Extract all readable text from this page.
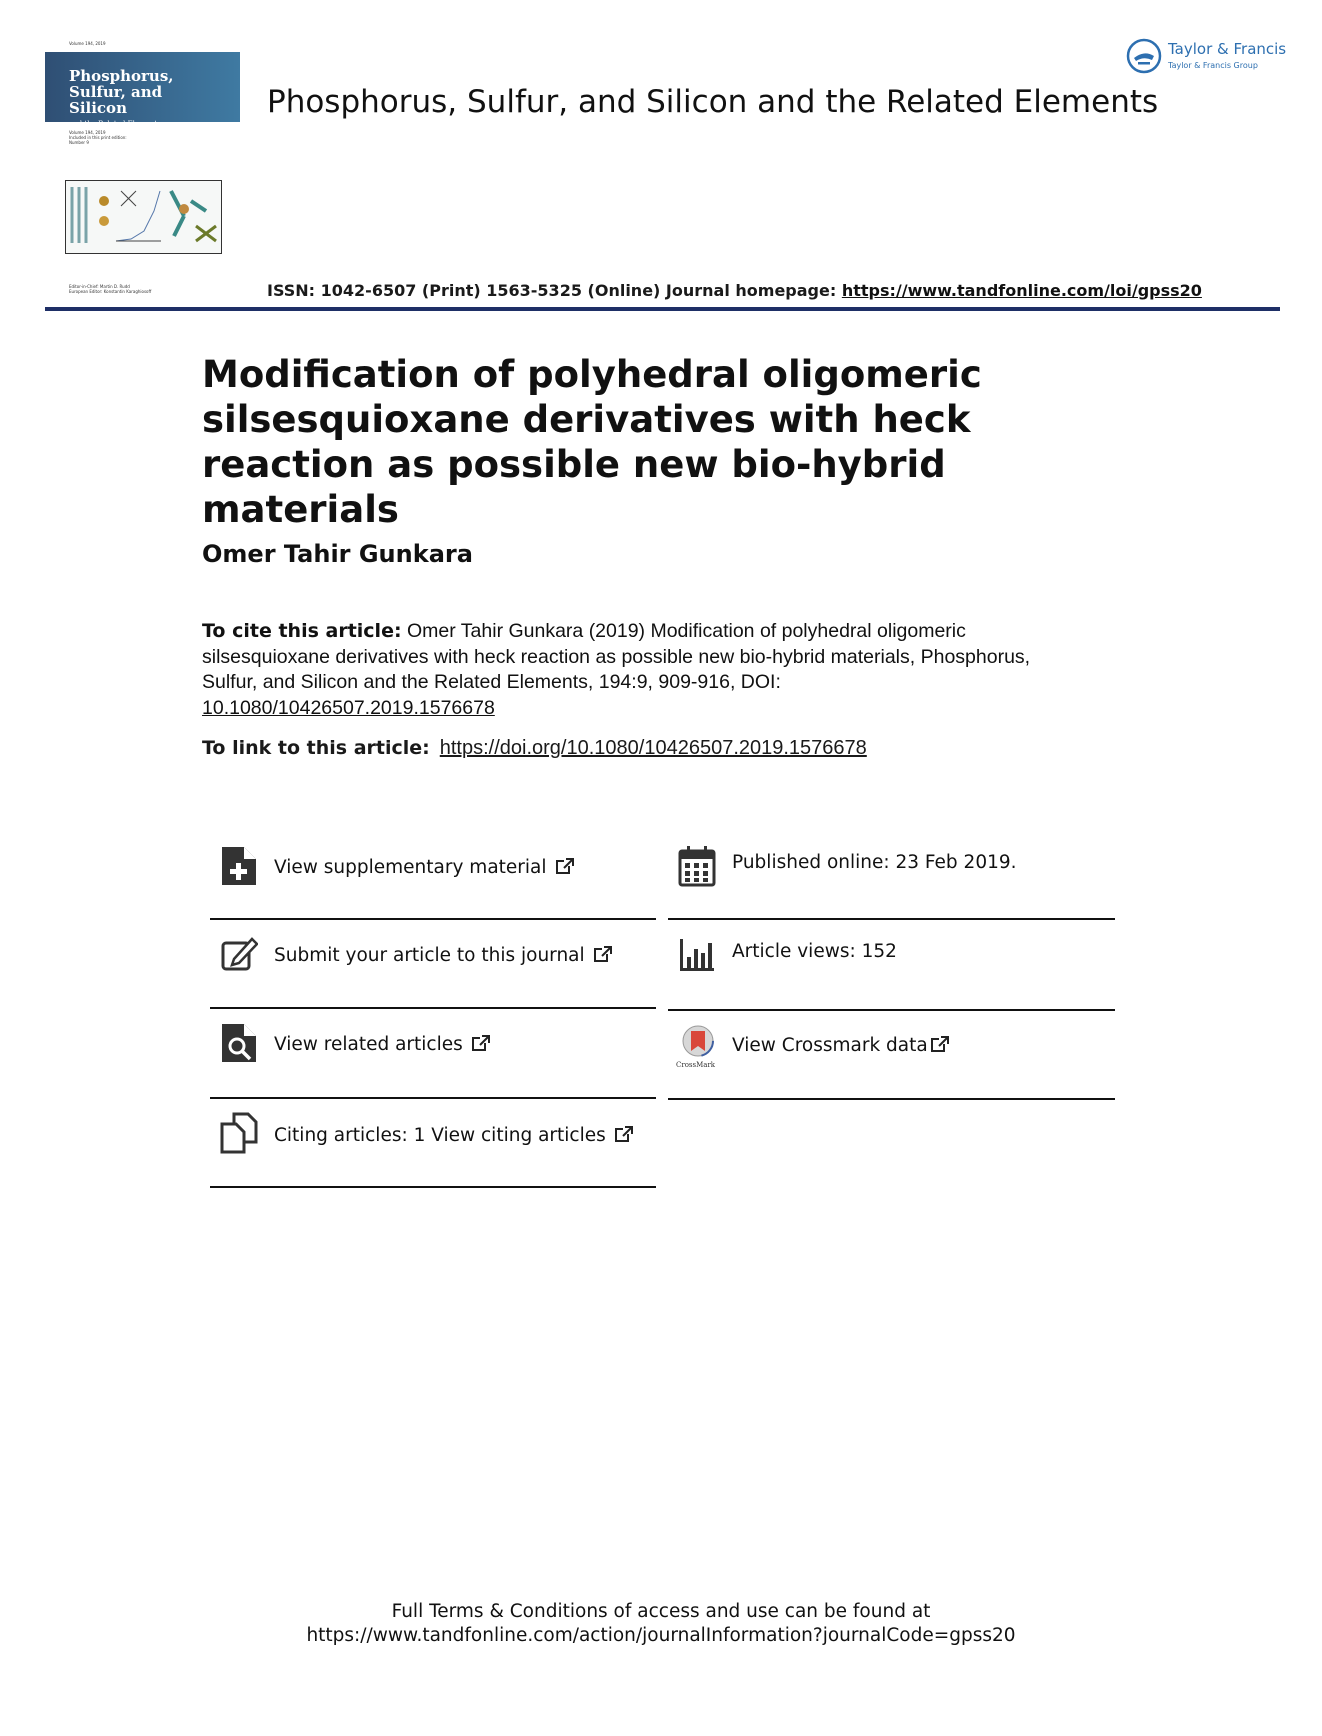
Volume 194, 2019
Phosphorus,
Sulfur, and
Silicon
and the Related Elements
Volume 194, 2019
Included in this print edition:
Number 9
Editor-in-Chief: Martin D. Rudd
European Editor: Konstantin Karaghiosoff
Phosphorus, Sulfur, and Silicon and the Related Elements
Taylor & Francis
Taylor & Francis Group
ISSN: 1042-6507 (Print) 1563-5325 (Online) Journal homepage: https://www.tandfonline.com/loi/gpss20
Modification of polyhedral oligomeric silsesquioxane derivatives with heck reaction as possible new bio-hybrid materials
Omer Tahir Gunkara
To cite this article: Omer Tahir Gunkara (2019) Modification of polyhedral oligomeric silsesquioxane derivatives with heck reaction as possible new bio-hybrid materials, Phosphorus, Sulfur, and Silicon and the Related Elements, 194:9, 909-916, DOI:
10.1080/10426507.2019.1576678
To link to this article: https://doi.org/10.1080/10426507.2019.1576678
View supplementary material
Submit your article to this journal
View related articles
Citing articles: 1 View citing articles
Published online: 23 Feb 2019.
Article views: 152
CrossMark
View Crossmark data
Full Terms & Conditions of access and use can be found at
https://www.tandfonline.com/action/journalInformation?journalCode=gpss20
